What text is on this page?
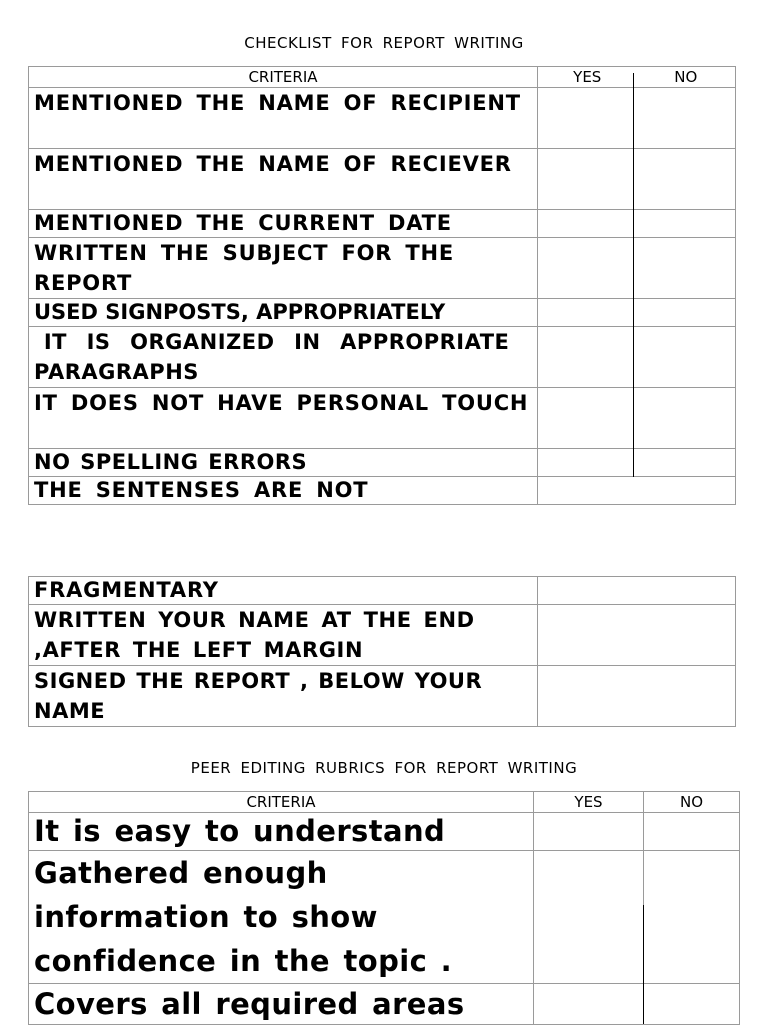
CHECKLIST FOR REPORT WRITING
CRITERIA	YES	NO
MENTIONED THE NAME OF RECIPIENT		
MENTIONED THE NAME OF RECIEVER		
MENTIONED THE CURRENT DATE		
WRITTEN THE SUBJECT FOR THE REPORT		
USED SIGNPOSTS, APPROPRIATELY		
IT  IS  ORGANIZED  IN  APPROPRIATE PARAGRAPHS		
IT DOES NOT HAVE PERSONAL TOUCH		
NO SPELLING ERRORS		
THE SENTENSES ARE NOT		
FRAGMENTARY	
WRITTEN YOUR NAME AT THE END ,AFTER THE LEFT MARGIN	
SIGNED THE REPORT , BELOW YOUR NAME	
PEER EDITING RUBRICS FOR REPORT WRITING
CRITERIA	YES	NO
It is easy to understand		
Gathered enough information to show confidence in the topic .		
Covers all required areas		
